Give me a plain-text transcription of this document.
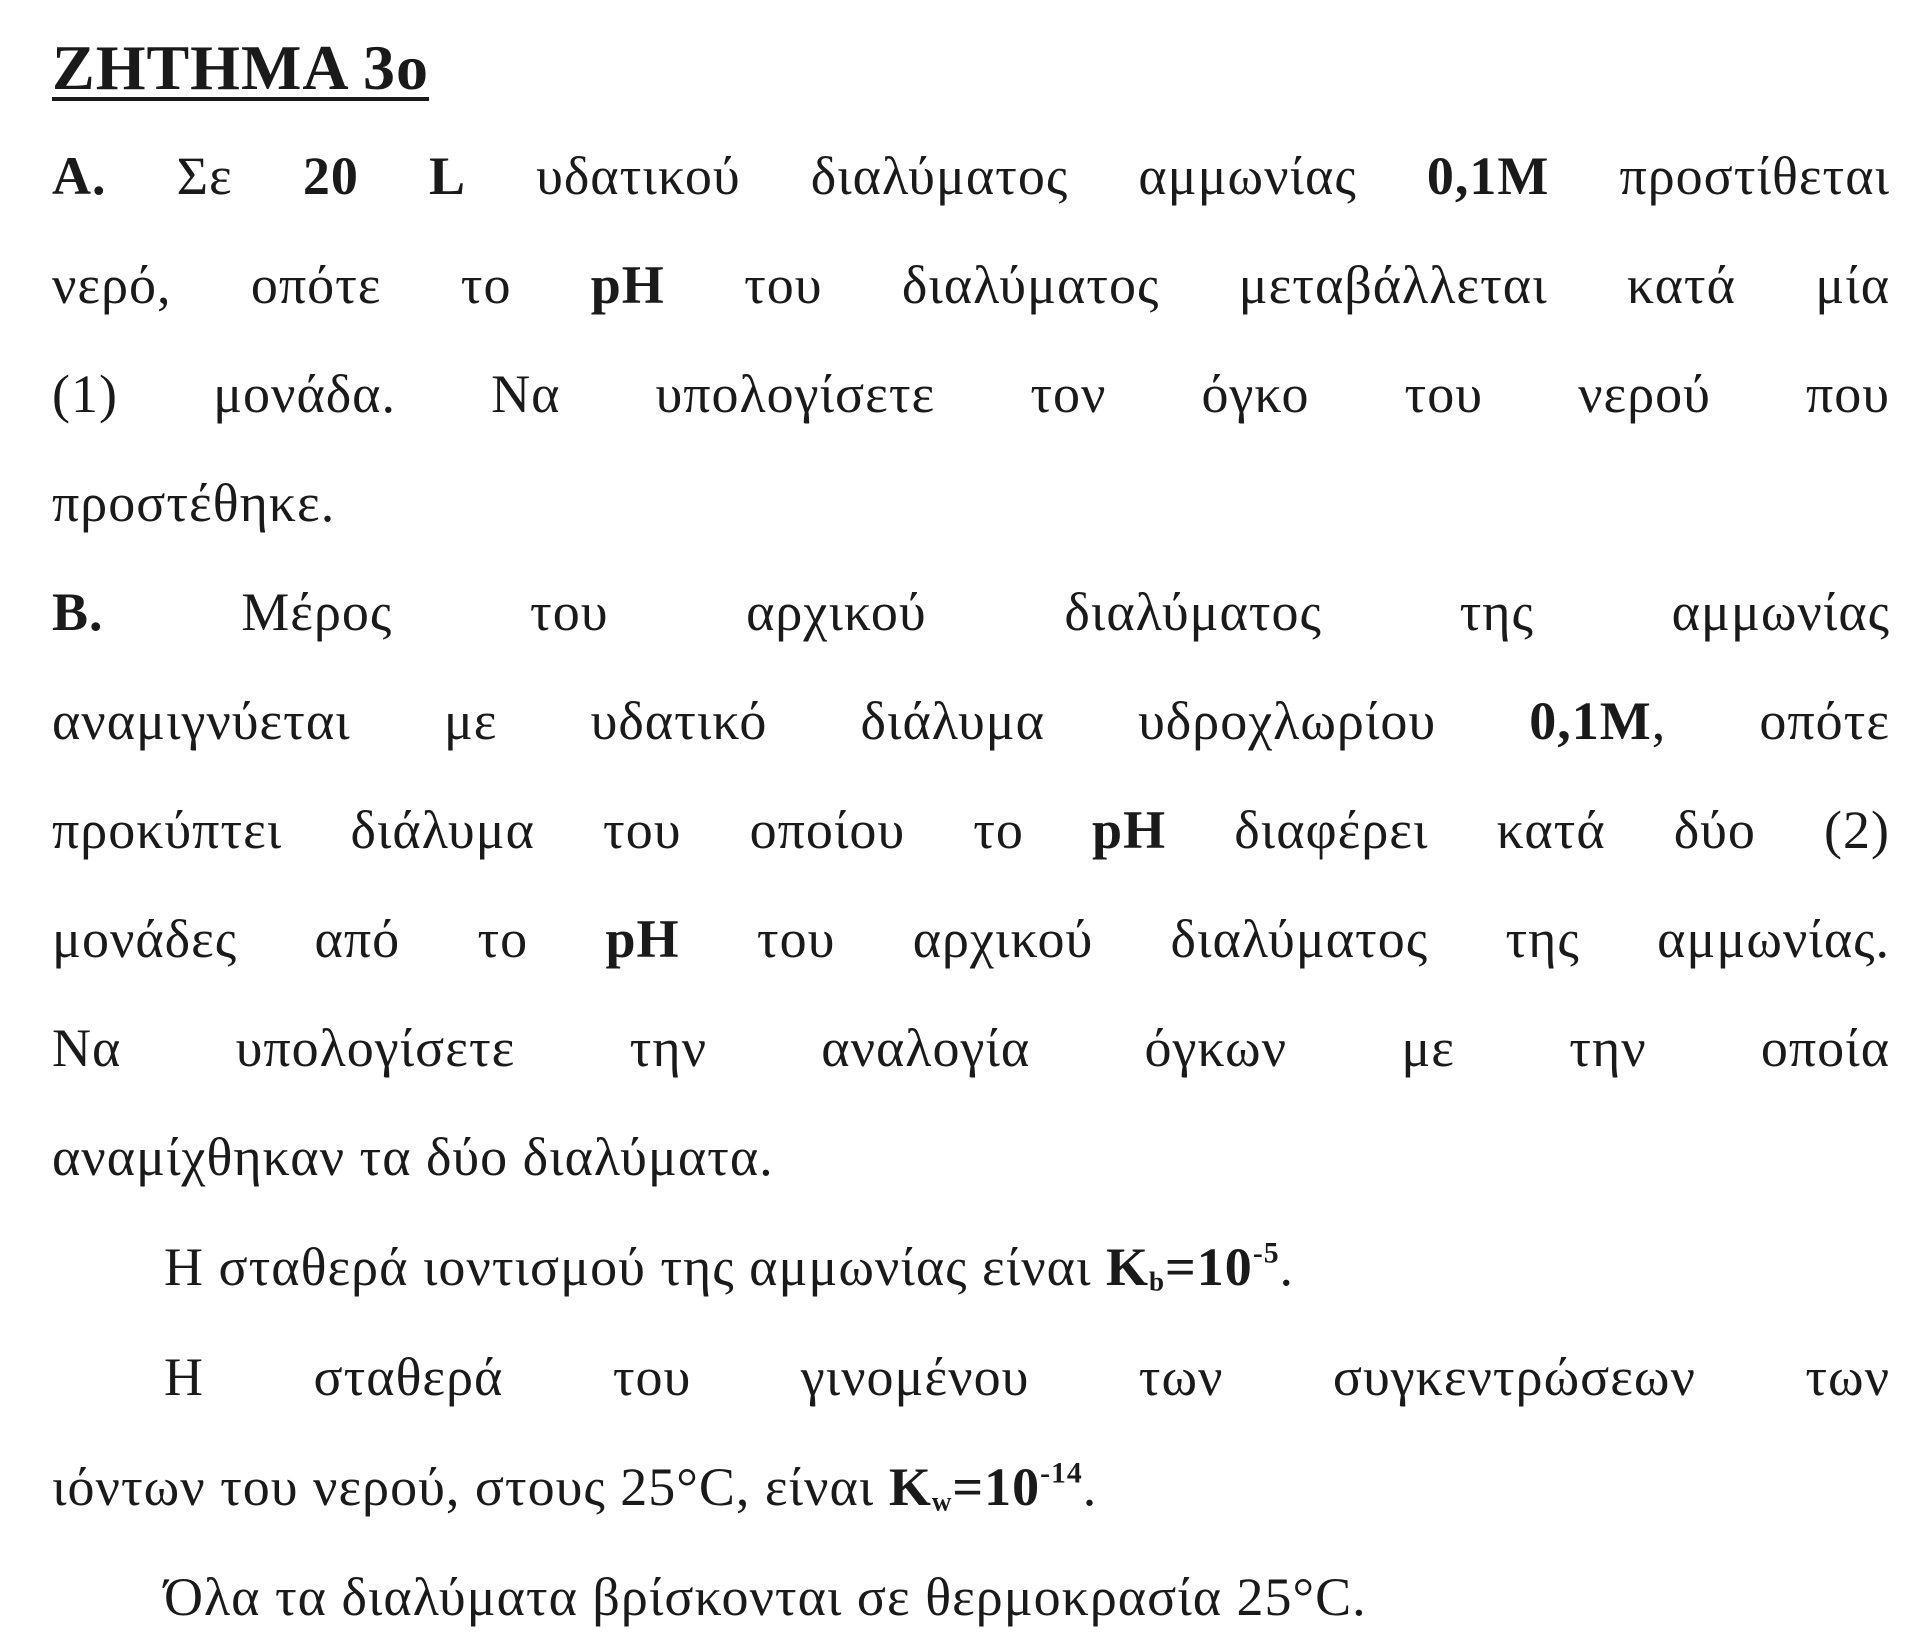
ΖΗΤΗΜΑ 3ο
Α. Σε 20 L υδατικού διαλύματος αμμωνίας 0,1Μ προστίθεται
νερό, οπότε το pH του διαλύματος μεταβάλλεται κατά μία
(1) μονάδα. Να υπολογίσετε τον όγκο του νερού που
προστέθηκε.
Β.	Μέρος του αρχικού διαλύματος της αμμωνίας
αναμιγνύεται με υδατικό διάλυμα υδροχλωρίου 0,1Μ, οπότε
προκύπτει διάλυμα του οποίου το pH διαφέρει κατά δύο (2)
μονάδες από το pH του αρχικού διαλύματος της αμμωνίας.
Να υπολογίσετε την αναλογία όγκων με την οποία
αναμίχθηκαν τα δύο διαλύματα.
Η σταθερά ιοντισμού της αμμωνίας είναι $K_b=10^{-5}$.
Η σταθερά του γινομένου των συγκεντρώσεων των
ιόντων του νερού, στους 25°C, είναι $K_w=10^{-14}$.
Όλα τα διαλύματα βρίσκονται σε θερμοκρασία 25°C.
